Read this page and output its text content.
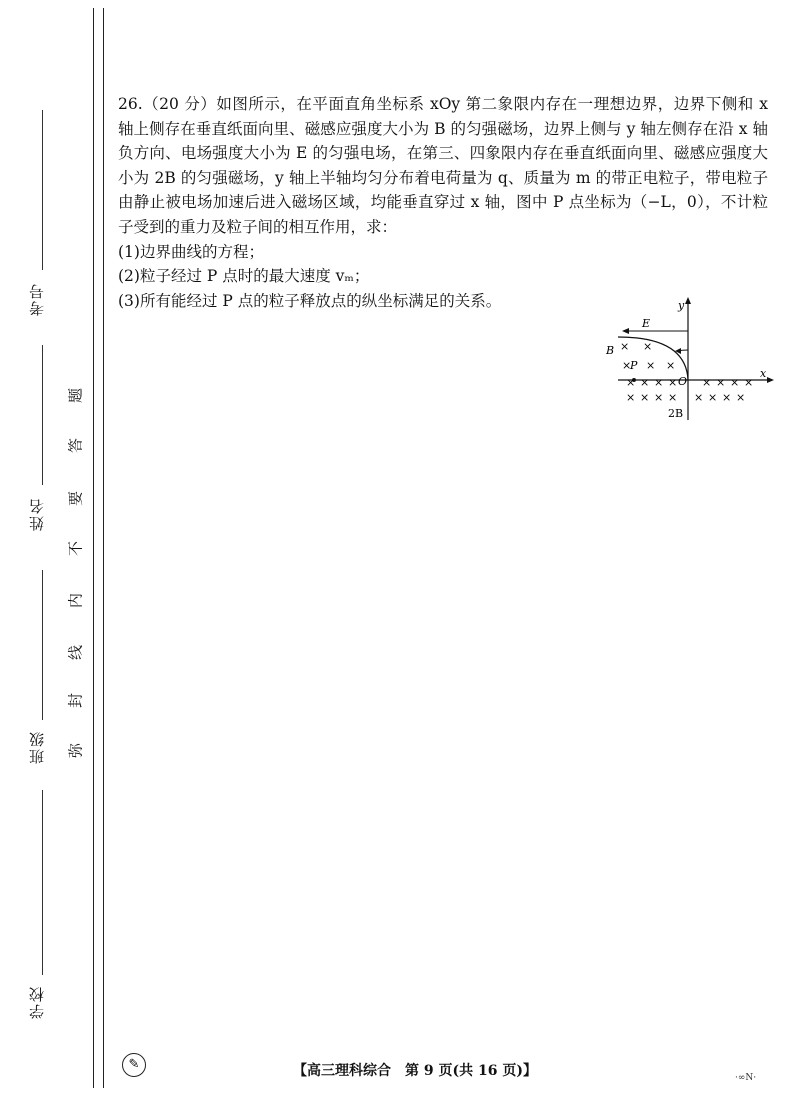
考号
姓名
班级
学校
题
答
要
不
内
线
封
弥

26.（20 分）如图所示，在平面直角坐标系 xOy 第二象限内存在一理想边界，边界下侧和 x 轴上侧存在垂直纸面向里、磁感应强度大小为 B 的匀强磁场，边界上侧与 y 轴左侧存在沿 x 轴负方向、电场强度大小为 E 的匀强电场，在第三、四象限内存在垂直纸面向里、磁感应强度大小为 2B 的匀强磁场，y 轴上半轴均匀分布着电荷量为 q、质量为 m 的带正电粒子，带电粒子由静止被电场加速后进入磁场区域，均能垂直穿过 x 轴，图中 P 点坐标为（−L，0），不计粒子受到的重力及粒子间的相互作用，求：

(1)边界曲线的方程；

(2)粒子经过 P 点时的最大速度 vₘ；

(3)所有能经过 P 点的粒子释放点的纵坐标满足的关系。	y
x
E
B × ×
× × ×
P
O
× × × × × × × ×
× × × × × × × ×
2B
✎	【高三理科综合　第 9 页(共 16 页)】	·∞N·
